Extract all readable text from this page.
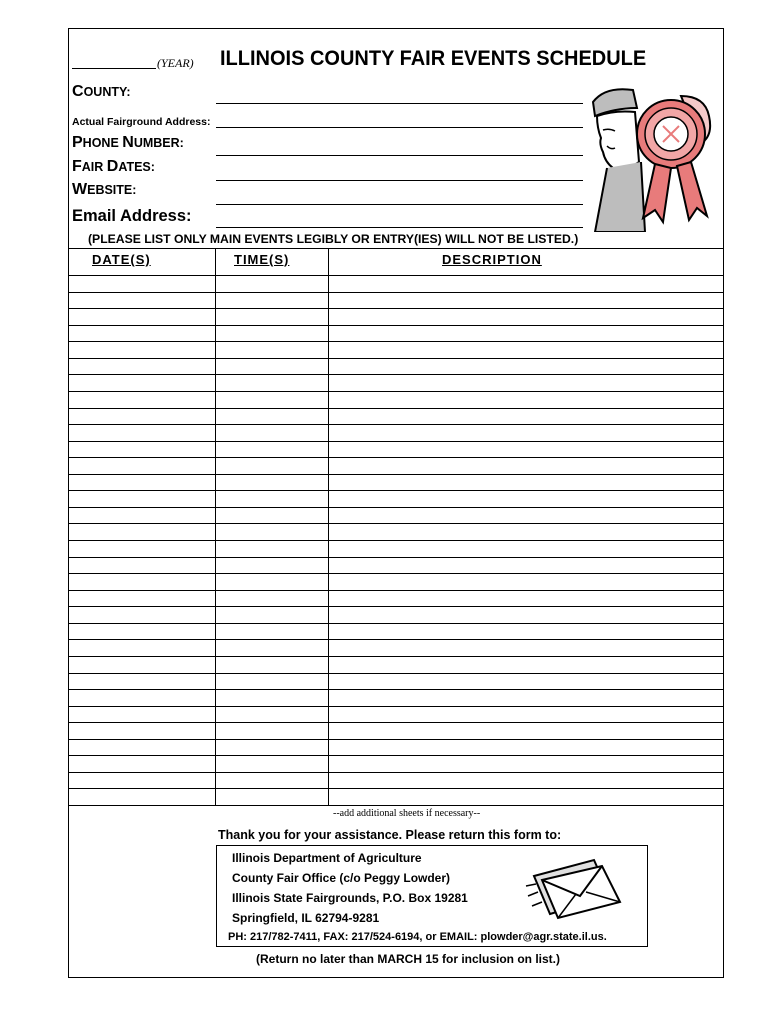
(YEAR) ILLINOIS COUNTY FAIR EVENTS SCHEDULE
COUNTY:
Actual Fairground Address:
PHONE NUMBER:
FAIR DATES:
WEBSITE:
Email Address:
(PLEASE LIST ONLY MAIN EVENTS LEGIBLY OR ENTRY(IES) WILL NOT BE LISTED.)
DATE(S)	TIME(S)	DESCRIPTION
--add additional sheets if necessary--
Thank you for your assistance. Please return this form to:
Illinois Department of Agriculture
County Fair Office (c/o Peggy Lowder)
Illinois State Fairgrounds, P.O. Box 19281
Springfield, IL 62794-9281
PH: 217/782-7411, FAX: 217/524-6194, or EMAIL: plowder@agr.state.il.us.
(Return no later than MARCH 15 for inclusion on list.)
